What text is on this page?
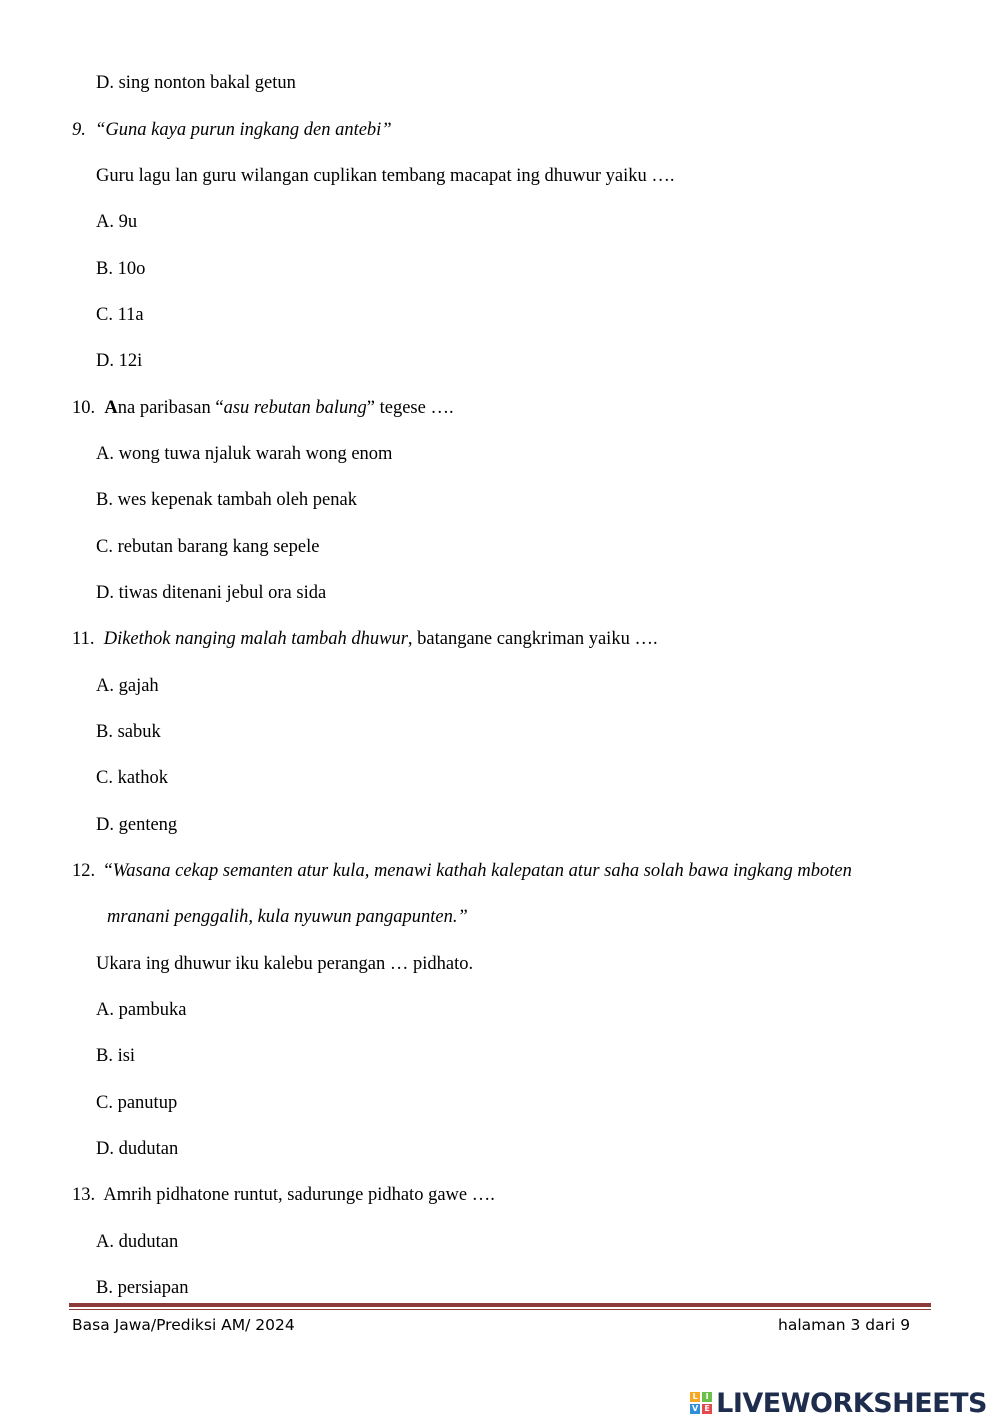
D. sing nonton bakal getun
9. “Guna kaya purun ingkang den antebi”
Guru lagu lan guru wilangan cuplikan tembang macapat ing dhuwur yaiku ….
A. 9u
B. 10o
C. 11a
D. 12i
10. Ana paribasan “asu rebutan balung” tegese ….
A. wong tuwa njaluk warah wong enom
B. wes kepenak tambah oleh penak
C. rebutan barang kang sepele
D. tiwas ditenani jebul ora sida
11. Dikethok nanging malah tambah dhuwur, batangane cangkriman yaiku ….
A. gajah
B. sabuk
C. kathok
D. genteng
12. “Wasana cekap semanten atur kula, menawi kathah kalepatan atur saha solah bawa ingkang mboten
mranani penggalih, kula nyuwun pangapunten.”
Ukara ing dhuwur iku kalebu perangan … pidhato.
A. pambuka
B. isi
C. panutup
D. dudutan
13. Amrih pidhatone runtut, sadurunge pidhato gawe ….
A. dudutan
B. persiapan
Basa Jawa/Prediksi AM/ 2024	halaman 3 dari 9
L I
V E LIVEWORKSHEETS
